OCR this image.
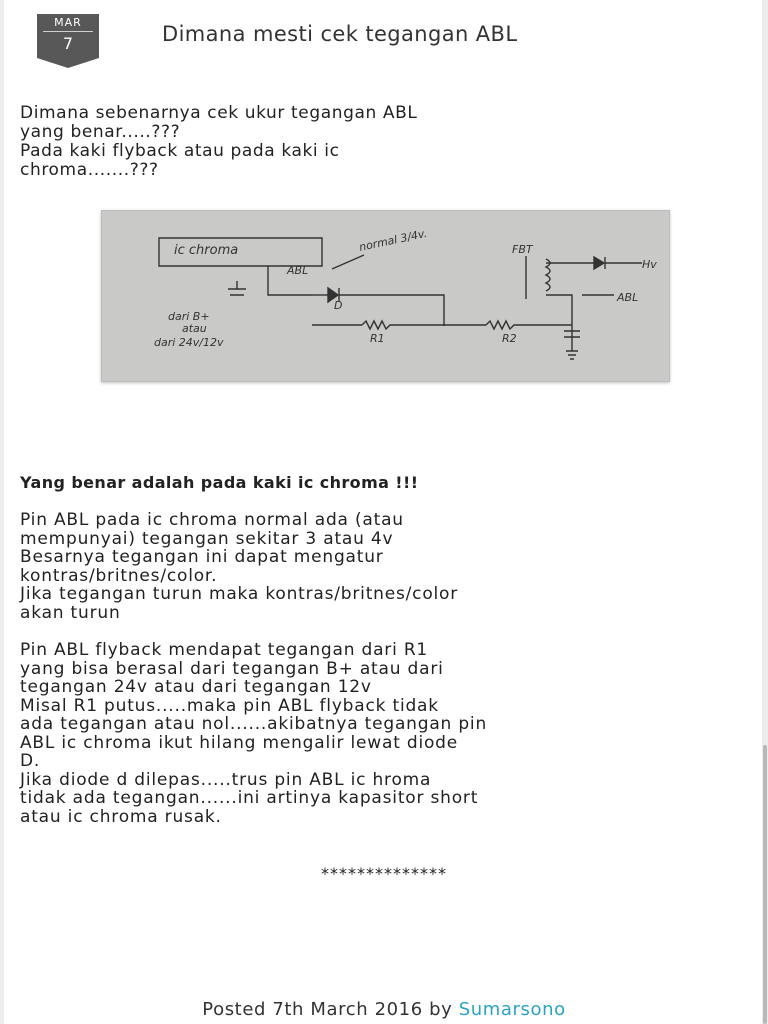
MAR
7	Dimana mesti cek tegangan ABL
Dimana sebenarnya cek ukur tegangan ABL
yang benar.....???
Pada kaki flyback atau pada kaki ic
chroma.......???
ic chroma	normal 3/4v.
ABL
D
FBT
Hv
ABL
dari B+
atau
dari 24v/12v	R1	R2
Yang benar adalah pada kaki ic chroma !!!
Pin ABL pada ic chroma normal ada (atau
mempunyai) tegangan sekitar 3 atau 4v
Besarnya tegangan ini dapat mengatur
kontras/britnes/color.
Jika tegangan turun maka kontras/britnes/color
akan turun
Pin ABL flyback mendapat tegangan dari R1
yang bisa berasal dari tegangan B+ atau dari
tegangan 24v atau dari tegangan 12v
Misal R1 putus.....maka pin ABL flyback tidak
ada tegangan atau nol......akibatnya tegangan pin
ABL ic chroma ikut hilang mengalir lewat diode
D.
Jika diode d dilepas.....trus pin ABL ic hroma
tidak ada tegangan......ini artinya kapasitor short
atau ic chroma rusak.
**************
Posted 7th March 2016 by Sumarsono
